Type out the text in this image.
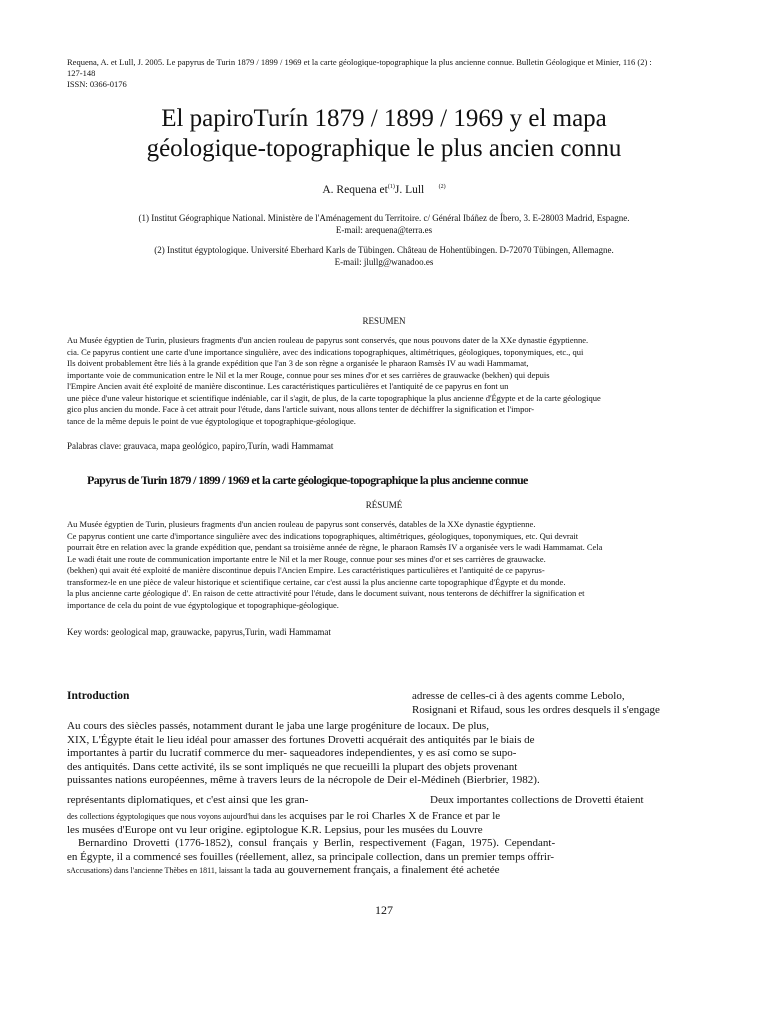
Requena, A. et Lull, J. 2005. Le papyrus de Turin 1879 / 1899 / 1969 et la carte géologique-topographique la plus ancienne connue. Bulletin Géologique et Minier, 116 (2) :
127-148
ISSN: 0366-0176
El papiroTurín 1879 / 1899 / 1969 y el mapa
géologique-topographique le plus ancien connu
A. Requena $et^{(1)}J$. Lull $^{(2)}$
(1) Institut Géographique National. Ministère de l'Aménagement du Territoire. c/ Général Ibáñez de Íbero, 3. E-28003 Madrid, Espagne.
E-mail: arequena@terra.es
(2) Institut égyptologique. Université Eberhard Karls de Tübingen. Château de Hohentübingen. D-72070 Tübingen, Allemagne.
E-mail: jlullg@wanadoo.es
RESUMEN
Au Musée égyptien de Turin, plusieurs fragments d'un ancien rouleau de papyrus sont conservés, que nous pouvons dater de la XXe dynastie égyptienne.
cia. Ce papyrus contient une carte d'une importance singulière, avec des indications topographiques, altimétriques, géologiques, toponymiques, etc., qui
Ils doivent probablement être liés à la grande expédition que l'an 3 de son règne a organisée le pharaon Ramsès IV au wadi Hammamat,
importante voie de communication entre le Nil et la mer Rouge, connue pour ses mines d'or et ses carrières de grauwacke (bekhen) qui depuis
l'Empire Ancien avait été exploité de manière discontinue. Les caractéristiques particulières et l'antiquité de ce papyrus en font un
une pièce d'une valeur historique et scientifique indéniable, car il s'agit, de plus, de la carte topographique la plus ancienne d'Égypte et de la carte géologique
gico plus ancien du monde. Face à cet attrait pour l'étude, dans l'article suivant, nous allons tenter de déchiffrer la signification et l'impor-
tance de la même depuis le point de vue égyptologique et topographique-géologique.
Palabras clave: grauvaca, mapa geológico, papiro,Turín, wadi Hammamat
Papyrus de Turin 1879 / 1899 / 1969 et la carte géologique-topographique la plus ancienne connue
RÉSUMÉ
Au Musée égyptien de Turin, plusieurs fragments d'un ancien rouleau de papyrus sont conservés, datables de la XXe dynastie égyptienne.
Ce papyrus contient une carte d'importance singulière avec des indications topographiques, altimétriques, géologiques, toponymiques, etc. Qui devrait
pourrait être en relation avec la grande expédition que, pendant sa troisième année de règne, le pharaon Ramsès IV a organisée vers le wadi Hammamat. Cela
Le wadi était une route de communication importante entre le Nil et la mer Rouge, connue pour ses mines d'or et ses carrières de grauwacke.
(bekhen) qui avait été exploité de manière discontinue depuis l'Ancien Empire. Les caractéristiques particulières et l'antiquité de ce papyrus-
transformez-le en une pièce de valeur historique et scientifique certaine, car c'est aussi la plus ancienne carte topographique d'Égypte et du monde.
la plus ancienne carte géologique d'. En raison de cette attractivité pour l'étude, dans le document suivant, nous tenterons de déchiffrer la signification et
importance de cela du point de vue égyptologique et topographique-géologique.
Key words: geological map, grauwacke, papyrus,Turin, wadi Hammamat
Introduction	adresse de celles-ci à des agents comme Lebolo,
Rosignani et Rifaud, sous les ordres desquels il s'engage
Au cours des siècles passés, notamment durant le jaba une large progéniture de locaux. De plus,
XIX, L'Égypte était le lieu idéal pour amasser des fortunes Drovetti acquérait des antiquités par le biais de
importantes à partir du lucratif commerce du mer- saqueadores independientes, y es así como se supo-
des antiquités. Dans cette activité, ils se sont impliqués ne que recueilli la plupart des objets provenant
puissantes nations européennes, même à travers leurs de la nécropole de Deir el-Médineh (Bierbrier, 1982).
représentants diplomatiques, et c'est ainsi que les gran-	Deux importantes collections de Drovetti étaient
des collections égyptologiques que nous voyons aujourd'hui dans les acquises par le roi Charles X de France et par le
les musées d'Europe ont vu leur origine. egiptologue K.R. Lepsius, pour les musées du Louvre
Bernardino  Drovetti  (1776-1852),  consul  français  y  Berlin,  respectivement  (Fagan,  1975).  Cependant-
en Égypte, il a commencé ses fouilles (réellement, allez, sa principale collection, dans un premier temps offrir-
sAccusations) dans l'ancienne Thèbes en 1811, laissant la tada au gouvernement français, a finalement été achetée
127
